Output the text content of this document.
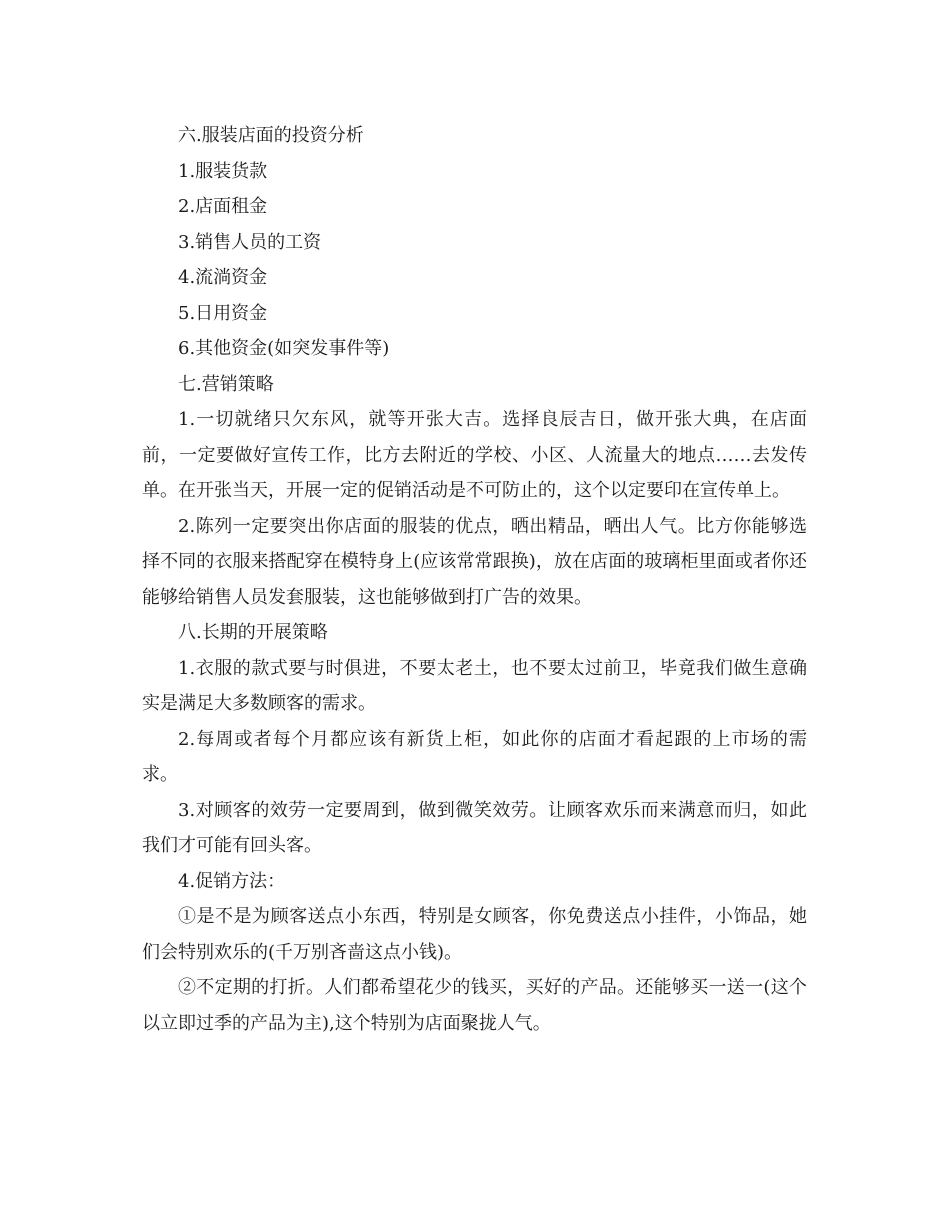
六.服装店面的投资分析

1.服装货款

2.店面租金

3.销售人员的工资

4.流淌资金

5.日用资金

6.其他资金(如突发事件等)

七.营销策略

1.一切就绪只欠东风，就等开张大吉。选择良辰吉日，做开张大典，在店面前，一定要做好宣传工作，比方去附近的学校、小区、人流量大的地点……去发传单。在开张当天，开展一定的促销活动是不可防止的，这个以定要印在宣传单上。

2.陈列一定要突出你店面的服装的优点，晒出精品，晒出人气。比方你能够选择不同的衣服来搭配穿在模特身上(应该常常跟换)，放在店面的玻璃柜里面或者你还能够给销售人员发套服装，这也能够做到打广告的效果。

八.长期的开展策略

1.衣服的款式要与时俱进，不要太老土，也不要太过前卫，毕竟我们做生意确实是满足大多数顾客的需求。

2.每周或者每个月都应该有新货上柜，如此你的店面才看起跟的上市场的需求。

3.对顾客的效劳一定要周到，做到微笑效劳。让顾客欢乐而来满意而归，如此我们才可能有回头客。

4.促销方法：

①是不是为顾客送点小东西，特别是女顾客，你免费送点小挂件，小饰品，她们会特别欢乐的(千万别吝啬这点小钱)。

②不定期的打折。人们都希望花少的钱买，买好的产品。还能够买一送一(这个以立即过季的产品为主),这个特别为店面聚拢人气。
